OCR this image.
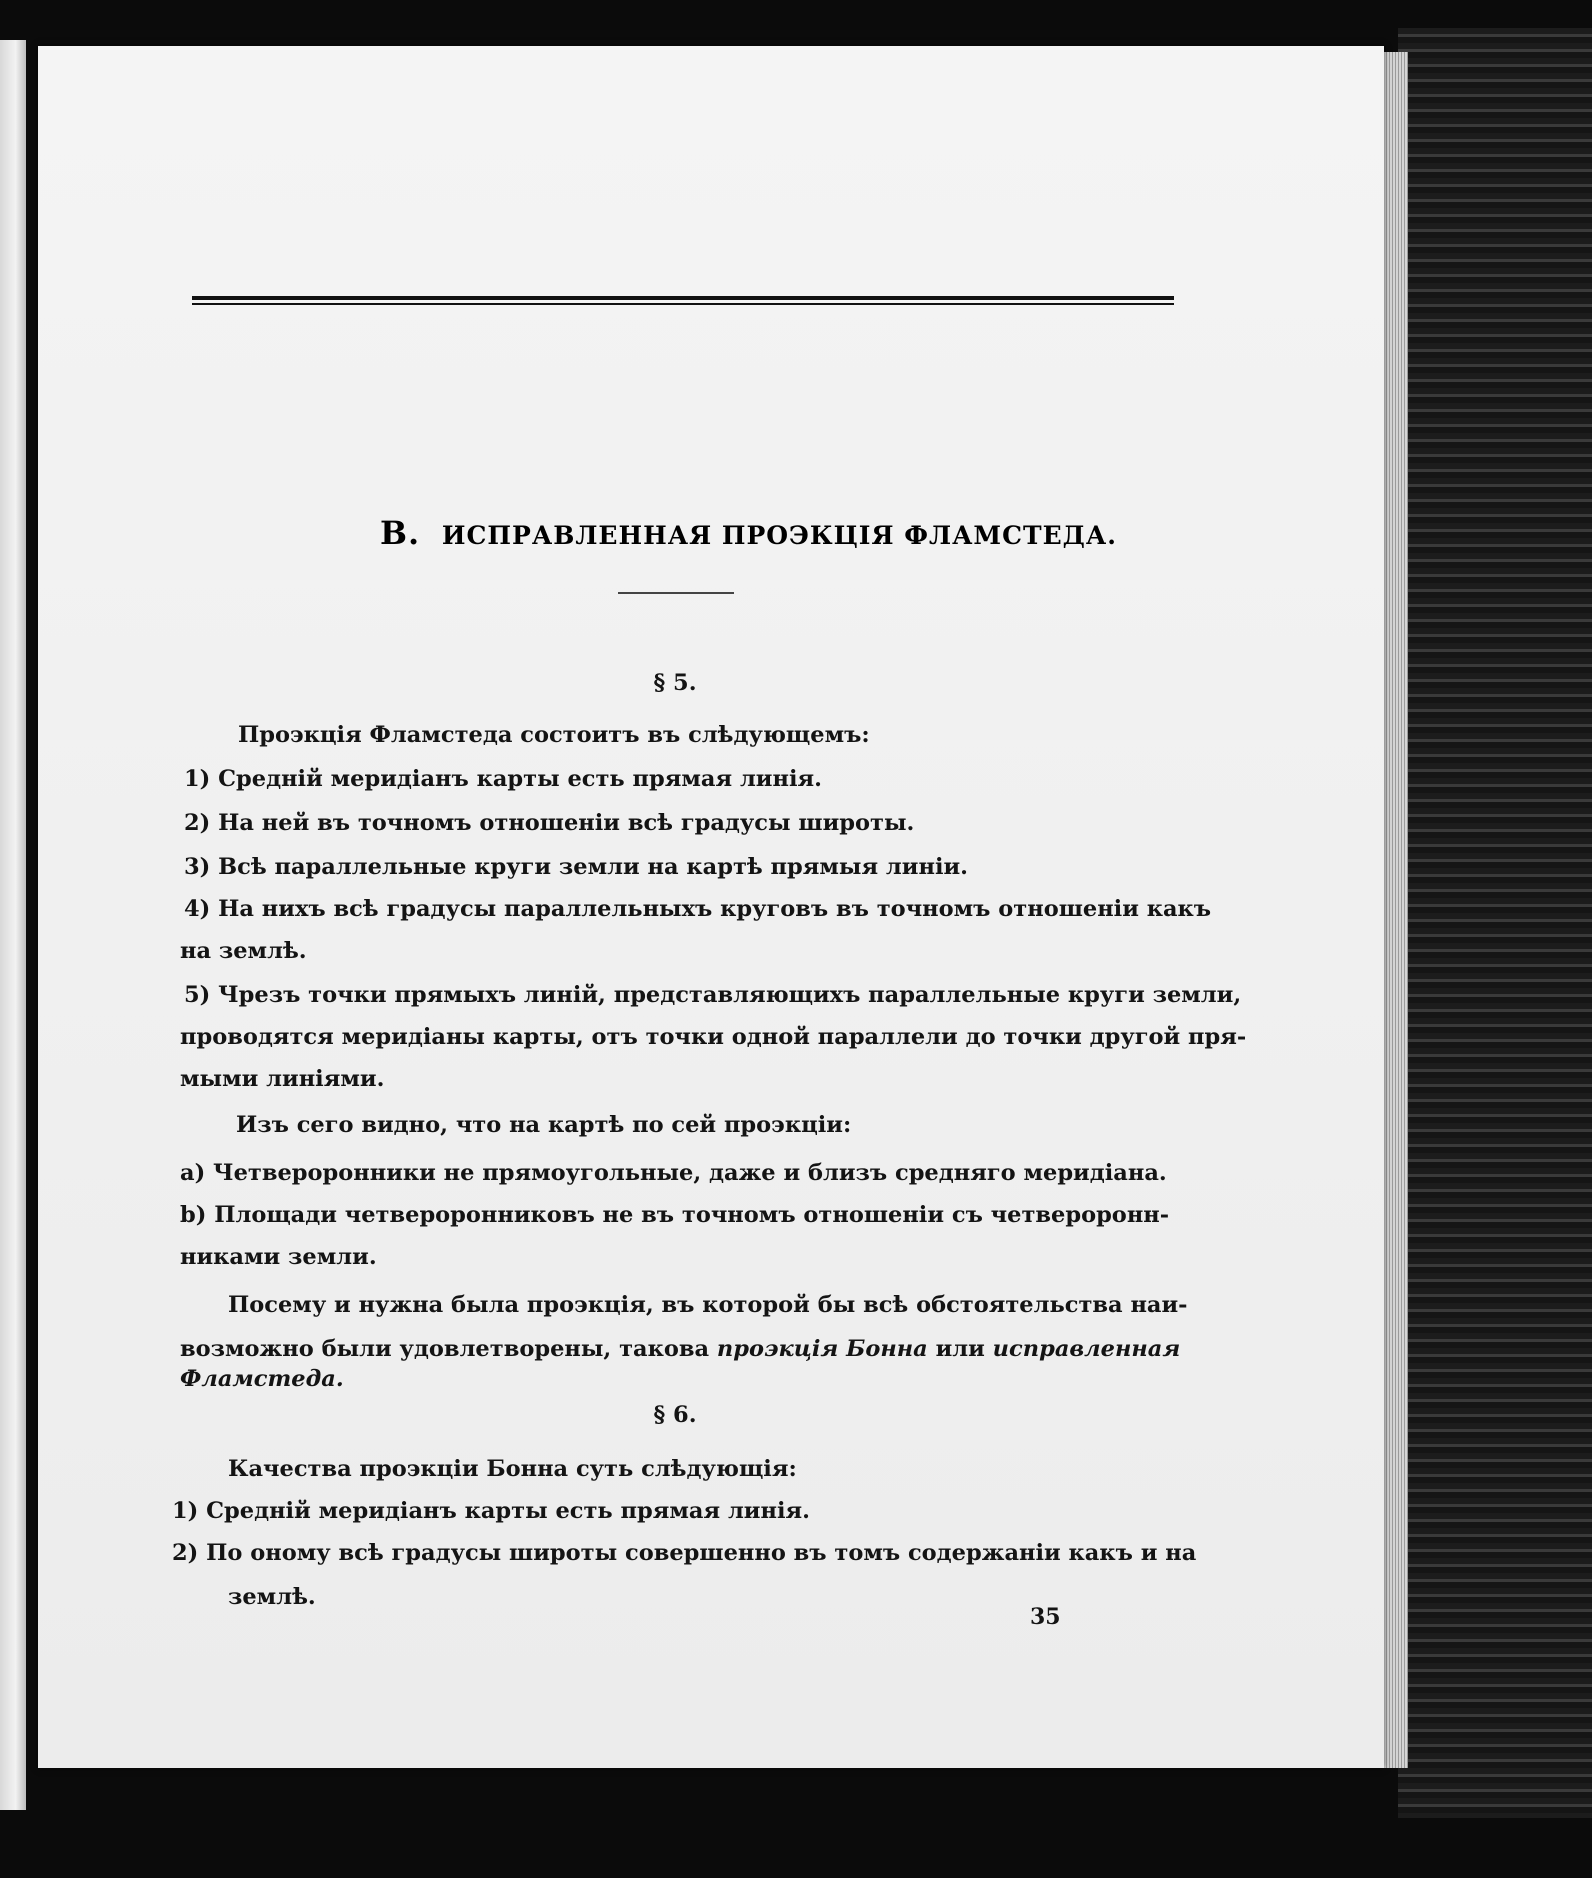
B. ИСПРАВЛЕННАЯ ПРОЭКЦІЯ ФЛАМСТЕДА.
§ 5.
Проэкція Фламстеда состоитъ въ слѣдующемъ:
1) Среднiй меридiанъ карты есть прямая линія.
2) На ней въ точномъ отношенiи всѣ градусы широты.
3) Всѣ параллельные круги земли на картѣ прямыя линіи.
4) На нихъ всѣ градусы параллельныхъ круговъ въ точномъ отношенiи какъ
на землѣ.
5) Чрезъ точки прямыхъ линiй, представляющихъ параллельные круги земли,
проводятся меридiаны карты, отъ точки одной параллели до точки другой пря-
мыми линiями.
Изъ сего видно, что на картѣ по сей проэкцiи:
a) Четвероронники не прямоугольные, даже и близъ средняго меридiана.
b) Площади четвероронниковъ не въ точномъ отношенiи съ четвероронн-
никами земли.
Посему и нужна была проэкція, въ которой бы всѣ обстоятельства наи-
возможно были удовлетворены, такова проэкція Бонна или исправленная
Фламстеда.
§ 6.
Качества проэкцiи Бонна суть слѣдующiя:
1) Среднiй меридiанъ карты есть прямая линія.
2) По оному всѣ градусы широты совершенно въ томъ содержанiи какъ и на
землѣ.
35
